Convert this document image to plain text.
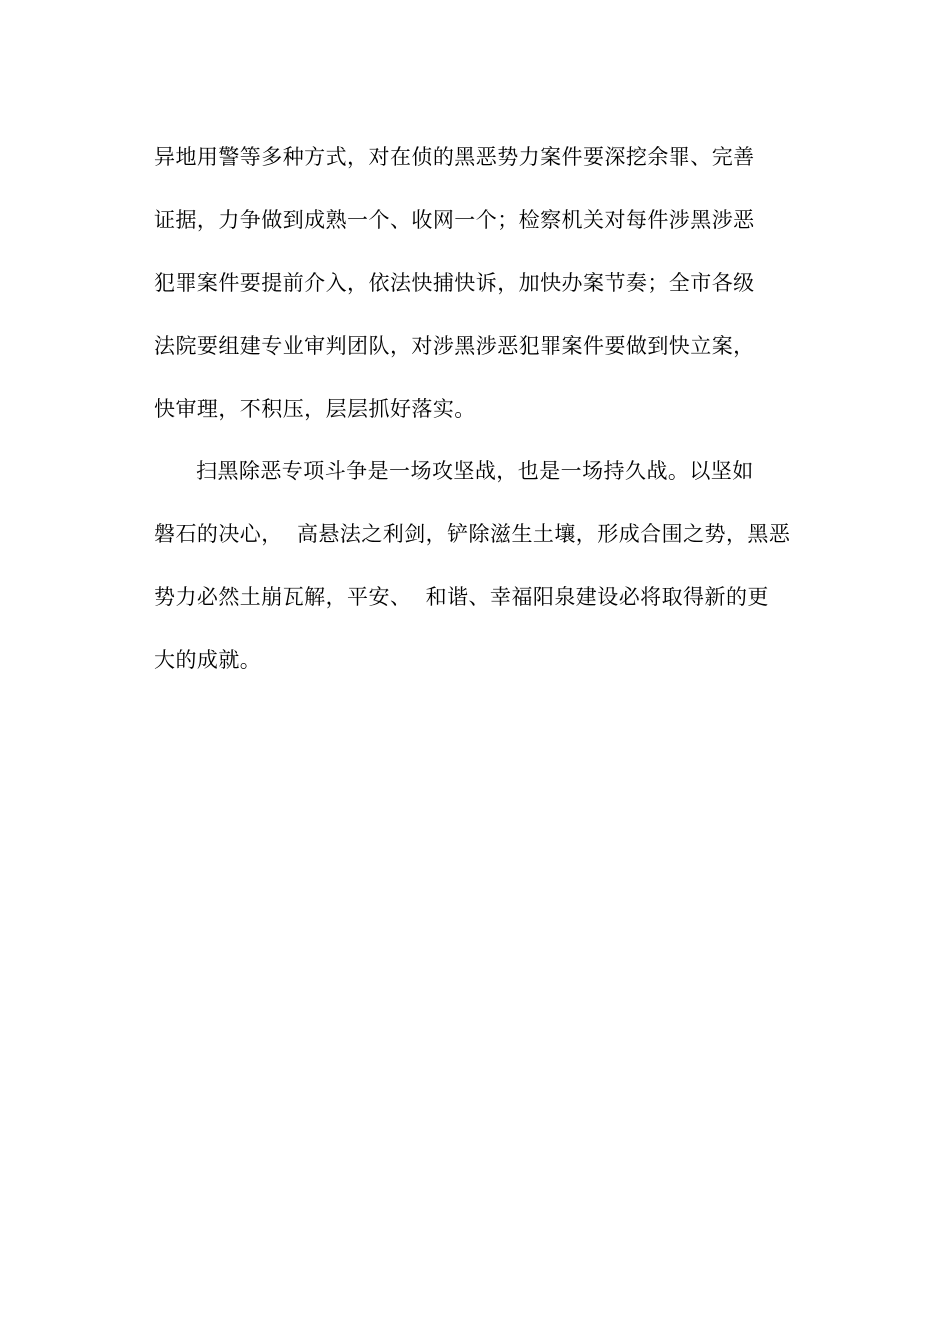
异地用警等多种方式，对在侦的黑恶势力案件要深挖余罪、完善
证据，力争做到成熟一个、收网一个；检察机关对每件涉黑涉恶
犯罪案件要提前介入，依法快捕快诉，加快办案节奏；全市各级
法院要组建专业审判团队，对涉黑涉恶犯罪案件要做到快立案，
快审理，不积压，层层抓好落实。
扫黑除恶专项斗争是一场攻坚战，也是一场持久战。以坚如
磐石的决心，  高悬法之利剑，铲除滋生土壤，形成合围之势，黑恶
势力必然土崩瓦解，平安、  和谐、幸福阳泉建设必将取得新的更
大的成就。
